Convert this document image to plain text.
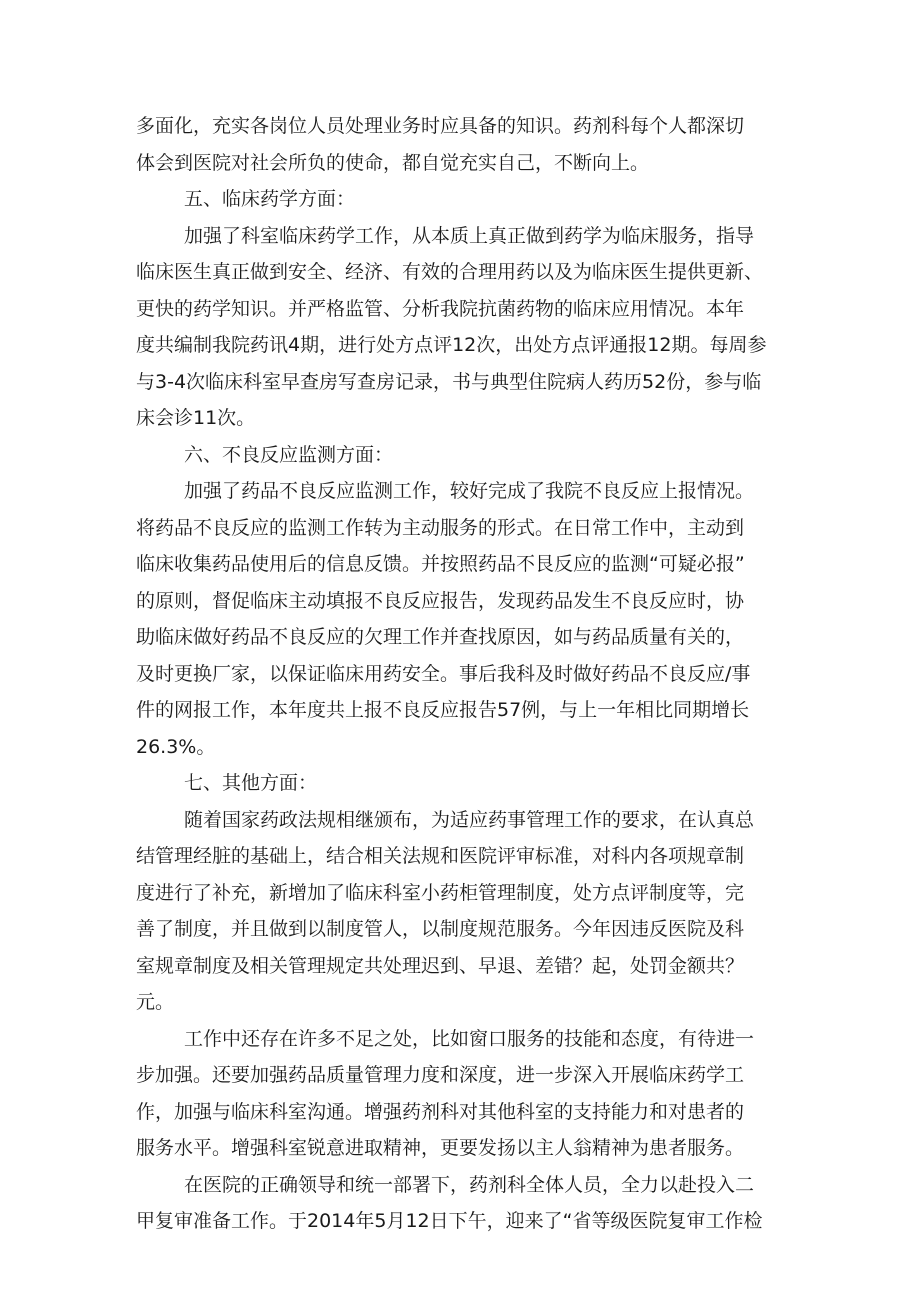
多面化，充实各岗位人员处理业务时应具备的知识。药剂科每个人都深切
体会到医院对社会所负的使命，都自觉充实自己，不断向上。

五、临床药学方面：

加强了科室临床药学工作，从本质上真正做到药学为临床服务，指导
临床医生真正做到安全、经济、有效的合理用药以及为临床医生提供更新、
更快的药学知识。并严格监管、分析我院抗菌药物的临床应用情况。本年
度共编制我院药讯4期，进行处方点评12次，出处方点评通报12期。每周参
与3-4次临床科室早查房写查房记录，书与典型住院病人药历52份，参与临
床会诊11次。

六、不良反应监测方面：

加强了药品不良反应监测工作，较好完成了我院不良反应上报情况。
将药品不良反应的监测工作转为主动服务的形式。在日常工作中，主动到
临床收集药品使用后的信息反馈。并按照药品不艮反应的监测“可疑必报”
的原则，督促临床主动填报不良反应报告，发现药品发生不良反应时，协
助临床做好药品不良反应的欠理工作并查找原因，如与药品质量有关的，
及时更换厂家，以保证临床用药安全。事后我科及时做好药品不良反应/事
件的网报工作，本年度共上报不良反应报告57例，与上一年相比同期增长
26.3%。

七、其他方面：

随着国家药政法规相继颁布，为适应药事管理工作的要求，在认真总
结管理经脏的基础上，结合相关法规和医院评审标准，对科内各项规章制
度进行了补充，新增加了临床科室小药柜管理制度，处方点评制度等，完
善了制度，并且做到以制度管人，以制度规范服务。今年因违反医院及科
室规章制度及相关管理规定共处理迟到、早退、差错？起，处罚金额共？
元。

工作中还存在许多不足之处，比如窗口服务的技能和态度，有待进一
步加强。还要加强药品质量管理力度和深度，进一步深入开展临床药学工
作，加强与临床科室沟通。增强药剂科对其他科室的支持能力和对患者的
服务水平。增强科室锐意进取精神，更要发扬以主人翁精神为患者服务。

在医院的正确领导和统一部署下，药剂科全体人员，全力以赴投入二
甲复审准备工作。于2014年5月12日下午，迎来了“省等级医院复审工作检
